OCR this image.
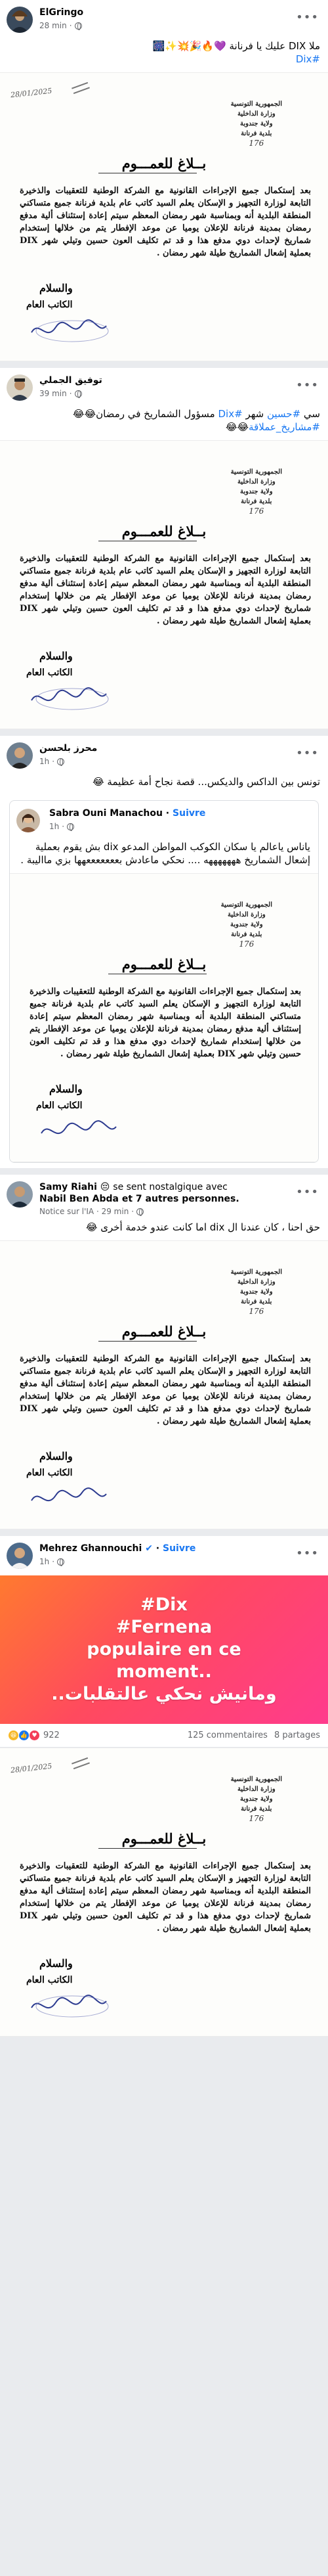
ElGringo
28 min ·
•••
ملا DIX عليك يا فرنانة 💜🔥🎉💥✨🎆
#Dix
28/01/2025
الجمهورية التونسية
وزارة الداخلية
ولاية جندوبة
بلدية فرنانة
176
بــلاغ للعمـــوم
بعد إستكمال جميع الإجراءات القانونية مع الشركة الوطنية للتعقيبات والذخيرة التابعة لوزارة التجهيز و الإسكان يعلم السيد كاتب عام بلدية فرنانة جميع متساكني المنطقة البلدية أنه وبمناسبة شهر رمضان المعظم سيتم إعادة إستئناف ألية مدفع رمضان بمدينة فرنانة للإعلان يوميا عن موعد الإفطار يتم من خلالها إستخدام شماريخ لإحداث دوي مدفع هذا و قد تم تكليف العون حسين وتيلي شهر DIX بعملية إشعال الشماريخ طيلة شهر رمضان .
والسلام
الكاتب العام
توفيق الجملي
39 min ·
•••
سي #حسين شهر #Dix مسؤول الشماريخ في رمضان😂😂
#مشاريخ_عملاقة😂😂
الجمهورية التونسية
وزارة الداخلية
ولاية جندوبة
بلدية فرنانة
176
بــلاغ للعمـــوم
بعد إستكمال جميع الإجراءات القانونية مع الشركة الوطنية للتعقيبات والذخيرة التابعة لوزارة التجهيز و الإسكان يعلم السيد كاتب عام بلدية فرنانة جميع متساكني المنطقة البلدية أنه وبمناسبة شهر رمضان المعظم سيتم إعادة إستئناف ألية مدفع رمضان بمدينة فرنانة للإعلان يوميا عن موعد الإفطار يتم من خلالها إستخدام شماريخ لإحداث دوي مدفع هذا و قد تم تكليف العون حسين وتيلي شهر DIX بعملية إشعال الشماريخ طيلة شهر رمضان .
والسلام
الكاتب العام
محرز بلحسن
1h ·
•••
تونس بين الداكس والديكس... قصة نجاح أمة عظيمة 😂
Sabra Ouni Manachou · Suivre
1h ·
ياناس ياعالم يا سكان الكوكب المواطن المدعو dix بش يقوم بعملية إشعال الشماريخ هههههههه .... نحكي ماعادش بعععععععهها بزي مااليبة .
الجمهورية التونسية
وزارة الداخلية
ولاية جندوبة
بلدية فرنانة
176
بــلاغ للعمـــوم
بعد إستكمال جميع الإجراءات القانونية مع الشركة الوطنية للتعقيبات والذخيرة التابعة لوزارة التجهيز و الإسكان يعلم السيد كاتب عام بلدية فرنانة جميع متساكني المنطقة البلدية أنه وبمناسبة شهر رمضان المعظم سيتم إعادة إستئناف ألية مدفع رمضان بمدينة فرنانة للإعلان يوميا عن موعد الإفطار يتم من خلالها إستخدام شماريخ لإحداث دوي مدفع هذا و قد تم تكليف العون حسين وتيلي شهر DIX بعملية إشعال الشماريخ طيلة شهر رمضان .
والسلام
الكاتب العام
Samy Riahi 😔 se sent nostalgique avec
Nabil Ben Abda et 7 autres personnes.
Notice sur l'IA · 29 min ·
•••
حق احنا ، كان عندنا ال dix اما كانت عندو خدمة أخرى 😂
الجمهورية التونسية
وزارة الداخلية
ولاية جندوبة
بلدية فرنانة
176
بــلاغ للعمـــوم
بعد إستكمال جميع الإجراءات القانونية مع الشركة الوطنية للتعقيبات والذخيرة التابعة لوزارة التجهيز و الإسكان يعلم السيد كاتب عام بلدية فرنانة جميع متساكني المنطقة البلدية أنه وبمناسبة شهر رمضان المعظم سيتم إعادة إستئناف ألية مدفع رمضان بمدينة فرنانة للإعلان يوميا عن موعد الإفطار يتم من خلالها إستخدام شماريخ لإحداث دوي مدفع هذا و قد تم تكليف العون حسين وتيلي شهر DIX بعملية إشعال الشماريخ طيلة شهر رمضان .
والسلام
الكاتب العام
Mehrez Ghannouchi ✔ · Suivre
1h ·
•••
#Dix
#Fernena
populaire en ce
moment..
ومانيش نحكي عالتقلبات..
😆 👍 ♥ 922	125 commentaires 8 partages
28/01/2025
الجمهورية التونسية
وزارة الداخلية
ولاية جندوبة
بلدية فرنانة
176
بــلاغ للعمـــوم
بعد إستكمال جميع الإجراءات القانونية مع الشركة الوطنية للتعقيبات والذخيرة التابعة لوزارة التجهيز و الإسكان يعلم السيد كاتب عام بلدية فرنانة جميع متساكني المنطقة البلدية أنه وبمناسبة شهر رمضان المعظم سيتم إعادة إستئناف ألية مدفع رمضان بمدينة فرنانة للإعلان يوميا عن موعد الإفطار يتم من خلالها إستخدام شماريخ لإحداث دوي مدفع هذا و قد تم تكليف العون حسين وتيلي شهر DIX بعملية إشعال الشماريخ طيلة شهر رمضان .
والسلام
الكاتب العام
